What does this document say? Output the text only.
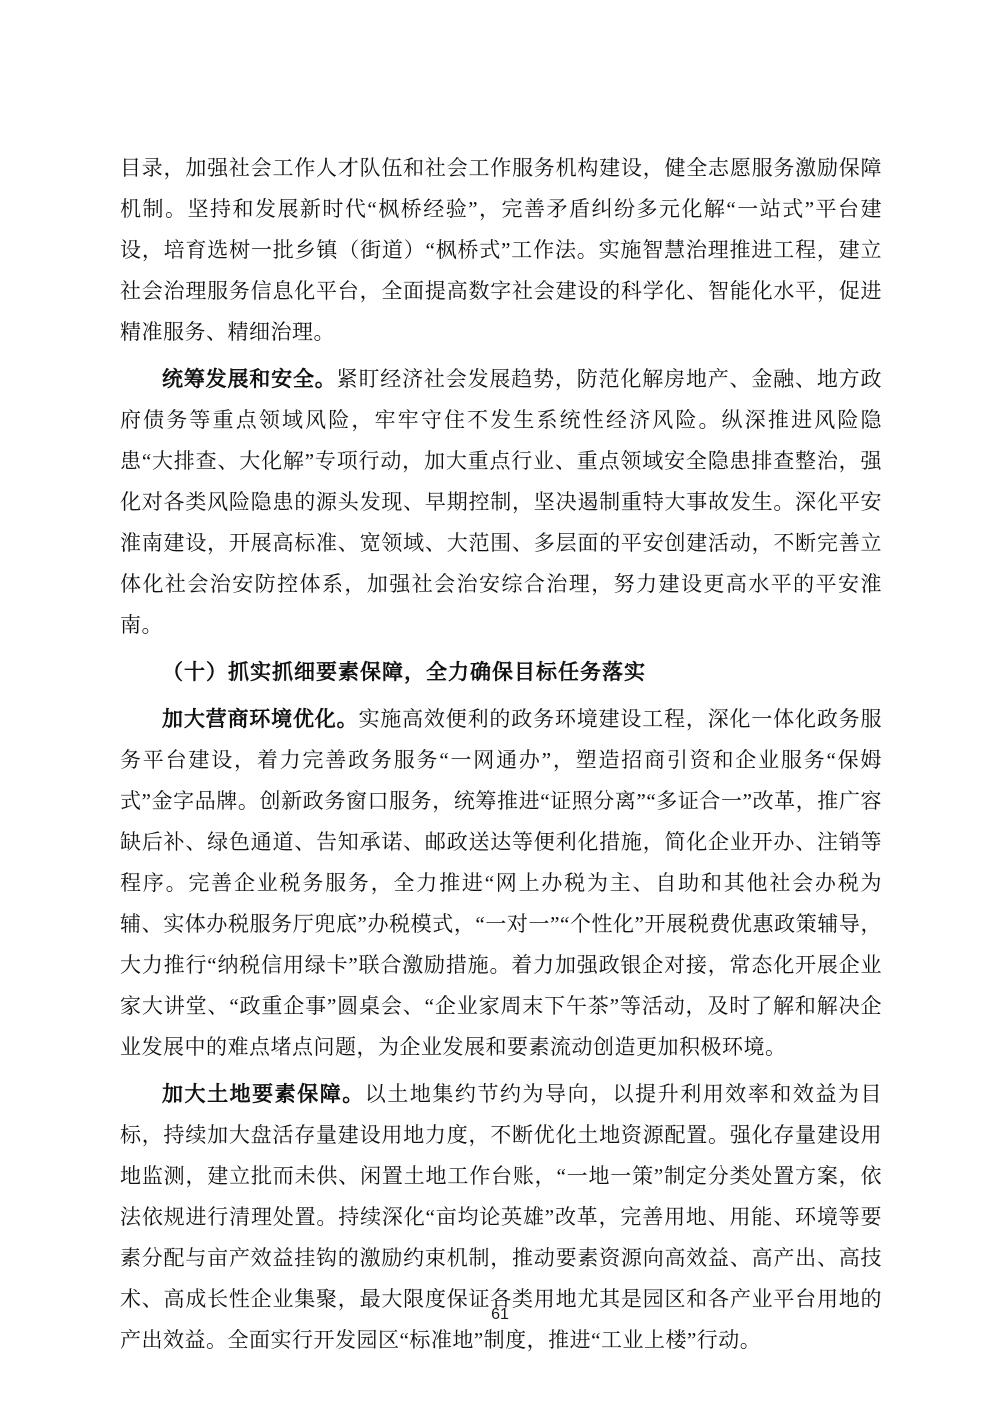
目录，加强社会工作人才队伍和社会工作服务机构建设，健全志愿服务激励保障机制。坚持和发展新时代“枫桥经验”，完善矛盾纠纷多元化解“一站式”平台建设，培育选树一批乡镇（街道）“枫桥式”工作法。实施智慧治理推进工程，建立社会治理服务信息化平台，全面提高数字社会建设的科学化、智能化水平，促进精准服务、精细治理。

统筹发展和安全。紧盯经济社会发展趋势，防范化解房地产、金融、地方政府债务等重点领域风险，牢牢守住不发生系统性经济风险。纵深推进风险隐患“大排查、大化解”专项行动，加大重点行业、重点领域安全隐患排查整治，强化对各类风险隐患的源头发现、早期控制，坚决遏制重特大事故发生。深化平安淮南建设，开展高标准、宽领域、大范围、多层面的平安创建活动，不断完善立体化社会治安防控体系，加强社会治安综合治理，努力建设更高水平的平安淮南。

（十）抓实抓细要素保障，全力确保目标任务落实

加大营商环境优化。实施高效便利的政务环境建设工程，深化一体化政务服务平台建设，着力完善政务服务“一网通办”，塑造招商引资和企业服务“保姆式”金字品牌。创新政务窗口服务，统筹推进“证照分离”“多证合一”改革，推广容缺后补、绿色通道、告知承诺、邮政送达等便利化措施，简化企业开办、注销等程序。完善企业税务服务，全力推进“网上办税为主、自助和其他社会办税为辅、实体办税服务厅兜底”办税模式，“一对一”“个性化”开展税费优惠政策辅导，大力推行“纳税信用绿卡”联合激励措施。着力加强政银企对接，常态化开展企业家大讲堂、“政重企事”圆桌会、“企业家周末下午茶”等活动，及时了解和解决企业发展中的难点堵点问题，为企业发展和要素流动创造更加积极环境。

加大土地要素保障。以土地集约节约为导向，以提升利用效率和效益为目标，持续加大盘活存量建设用地力度，不断优化土地资源配置。强化存量建设用地监测，建立批而未供、闲置土地工作台账，“一地一策”制定分类处置方案，依法依规进行清理处置。持续深化“亩均论英雄”改革，完善用地、用能、环境等要素分配与亩产效益挂钩的激励约束机制，推动要素资源向高效益、高产出、高技术、高成长性企业集聚，最大限度保证各类用地尤其是园区和各产业平台用地的产出效益。全面实行开发园区“标准地”制度，推进“工业上楼”行动。

61
